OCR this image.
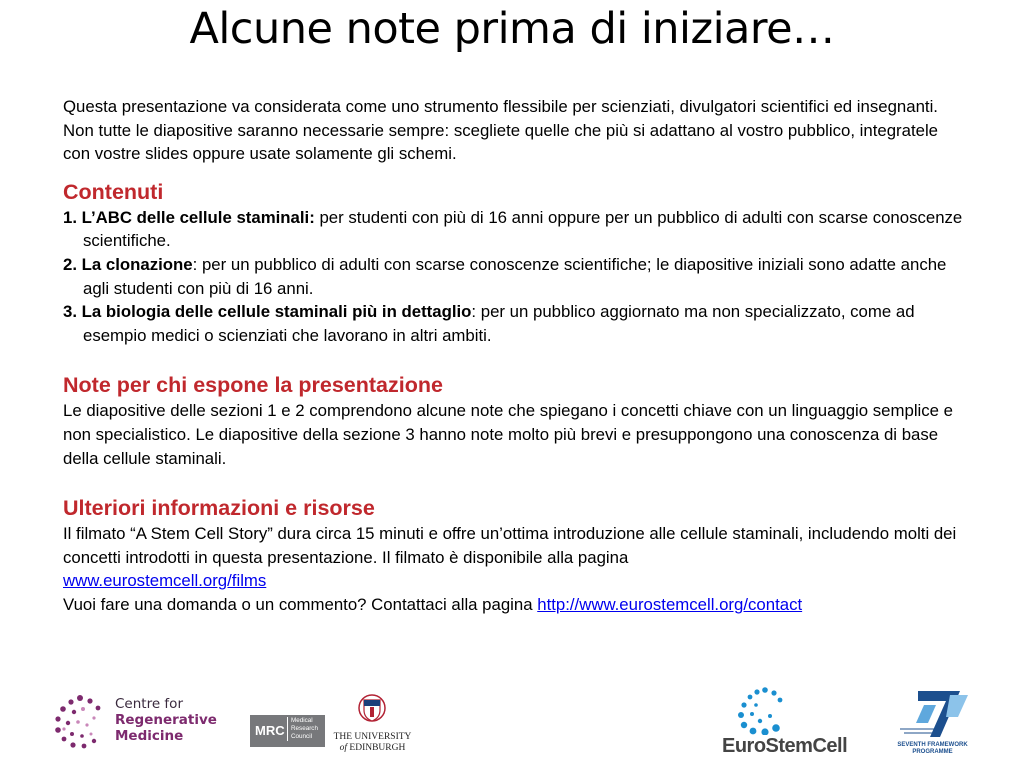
Alcune note prima di iniziare…

Questa presentazione va considerata come uno strumento flessibile per scienziati, divulgatori scientifici ed insegnanti. Non tutte le diapositive saranno necessarie sempre: scegliete quelle che più si adattano al vostro pubblico, integratele con vostre slides oppure usate solamente gli schemi.

Contenuti

1. L’ABC delle cellule staminali: per studenti con più di 16 anni oppure per un pubblico di adulti con scarse conoscenze scientifiche.

2. La clonazione: per un pubblico di adulti con scarse conoscenze scientifiche; le diapositive iniziali sono adatte anche agli studenti con più di 16 anni.

3. La biologia delle cellule staminali più in dettaglio: per un pubblico aggiornato ma non specializzato, come ad esempio medici o scienziati che lavorano in altri ambiti.

Note per chi espone la presentazione

Le diapositive delle sezioni 1 e 2 comprendono alcune note che spiegano i concetti chiave con un linguaggio semplice e non specialistico. Le diapositive della sezione 3 hanno note molto più brevi e presuppongono una conoscenza di base della cellule staminali.

Ulteriori informazioni e risorse

Il filmato “A Stem Cell Story” dura circa 15 minuti e offre un’ottima introduzione alle cellule staminali, includendo molti dei concetti introdotti in questa presentazione. Il filmato è disponibile alla pagina
www.eurostemcell.org/films

Vuoi fare una domanda o un commento? Contattaci alla pagina http://www.eurostemcell.org/contact

Centre for
Regenerative
Medicine	MRC
Medical
Research
Council	THE UNIVERSITY
of EDINBURGH	EuroStemCell	SEVENTH FRAMEWORK
PROGRAMME
